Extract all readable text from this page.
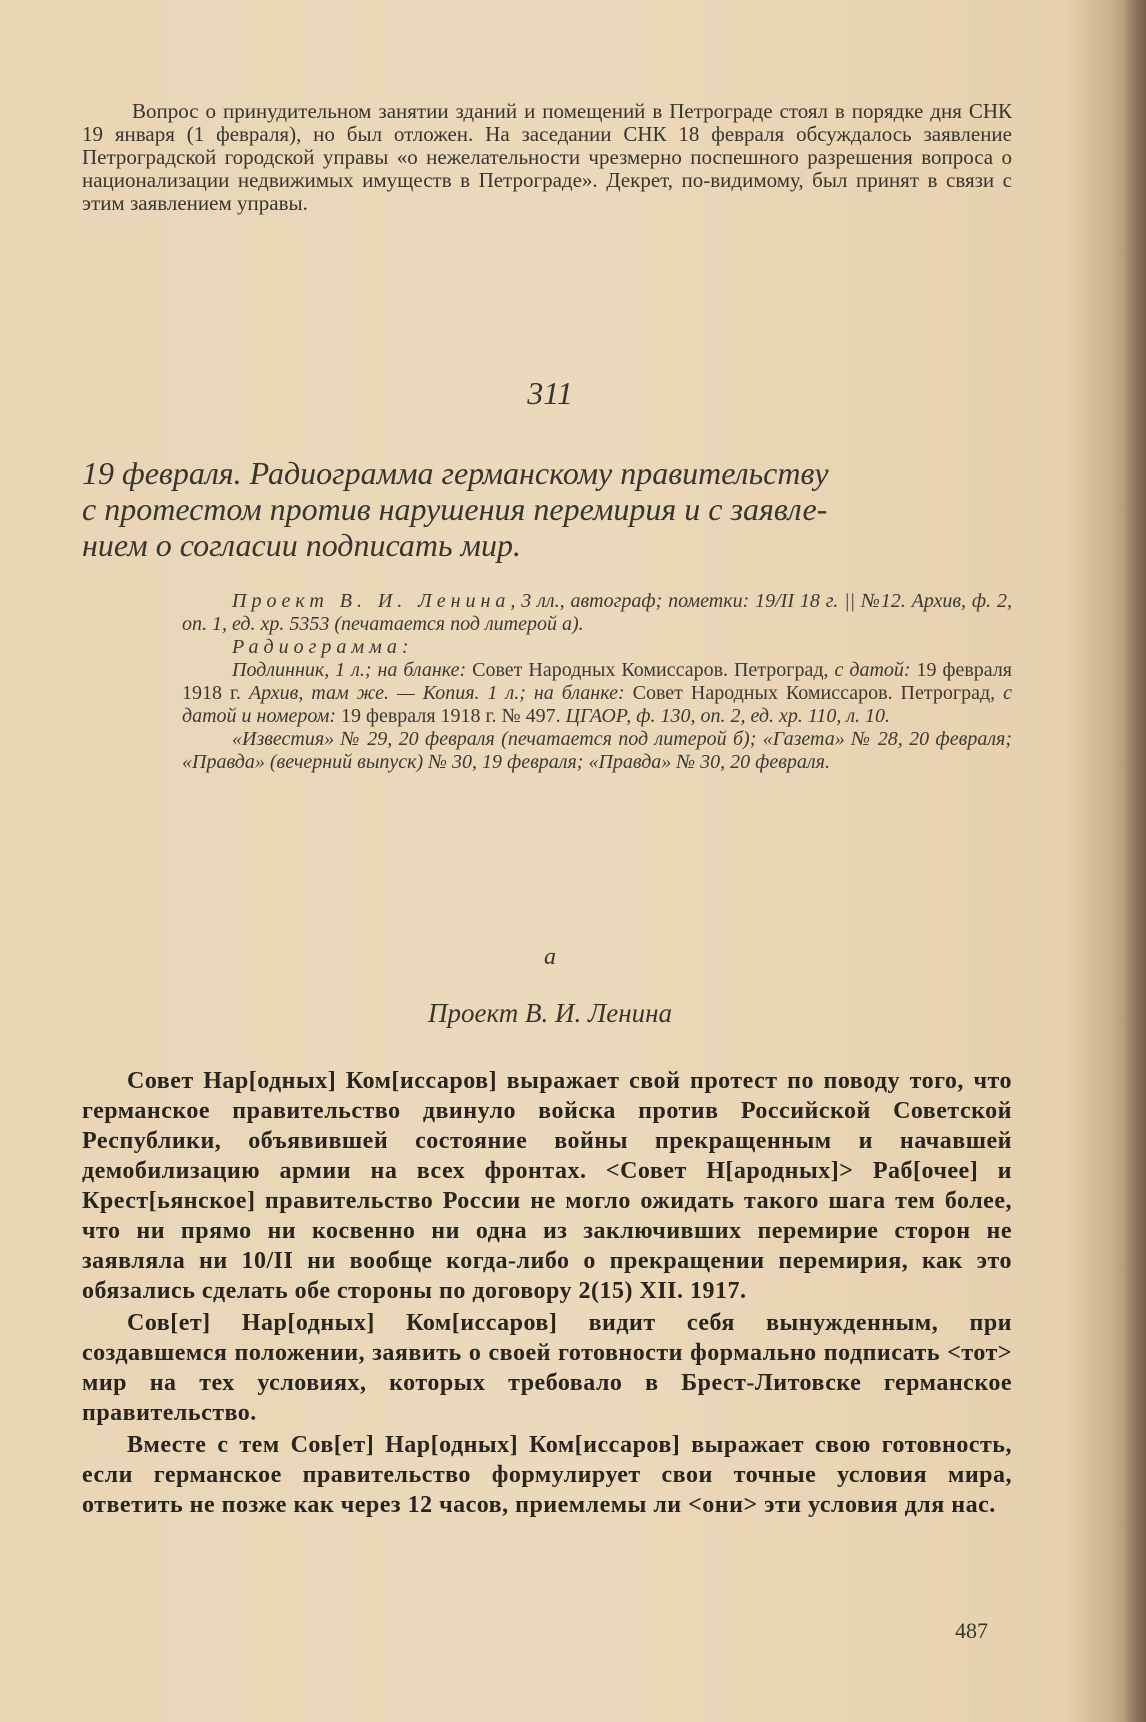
Вопрос о принудительном занятии зданий и помещений в Петрограде стоял в порядке дня СНК 19 января (1 февраля), но был отложен. На заседании СНК 18 февраля обсуждалось заявление Петроградской городской управы «о нежелательности чрезмерно поспешного разрешения вопроса о национализации недвижимых имуществ в Петрограде». Декрет, по-видимому, был принят в связи с этим заявлением управы.

311
19 февраля. Радиограмма германскому правительству
с протестом против нарушения перемирия и с заявле-
нием о согласии подписать мир.

Проект В. И. Ленина, 3 лл., автограф; пометки: 19/II 18 г. || №12. Архив, ф. 2, оп. 1, ед. хр. 5353 (печатается под литерой а).

Радиограмма:

Подлинник, 1 л.; на бланке: Совет Народных Комиссаров. Петроград, с датой: 19 февраля 1918 г. Архив, там же. — Копия. 1 л.; на бланке: Совет Народных Комиссаров. Петроград, с датой и номером: 19 февраля 1918 г. № 497. ЦГАОР, ф. 130, оп. 2, ед. хр. 110, л. 10.

«Известия» № 29, 20 февраля (печатается под литерой б); «Газета» № 28, 20 февраля; «Правда» (вечерний выпуск) № 30, 19 февраля; «Правда» № 30, 20 февраля.

а
Проект В. И. Ленина

Совет Нар[одных] Ком[иссаров] выражает свой протест по поводу того, что германское правительство двинуло войска против Российской Советской Республики, объявившей состояние войны прекращенным и начавшей демобилизацию армии на всех фронтах. <Совет Н[ародных]> Раб[очее] и Крест[ьянское] правительство России не могло ожидать такого шага тем более, что ни прямо ни косвенно ни одна из заключивших перемирие сторон не заявляла ни 10/II ни вообще когда-либо о прекращении перемирия, как это обязались сделать обе стороны по договору 2(15) XII. 1917.

Сов[ет] Нар[одных] Ком[иссаров] видит себя вынужденным, при создавшемся положении, заявить о своей готовности формально подписать <тот> мир на тех условиях, которых требовало в Брест-Литовске германское правительство.

Вместе с тем Сов[ет] Нар[одных] Ком[иссаров] выражает свою готовность, если германское правительство формулирует свои точные условия мира, ответить не позже как через 12 часов, приемлемы ли <они> эти условия для нас.

487
